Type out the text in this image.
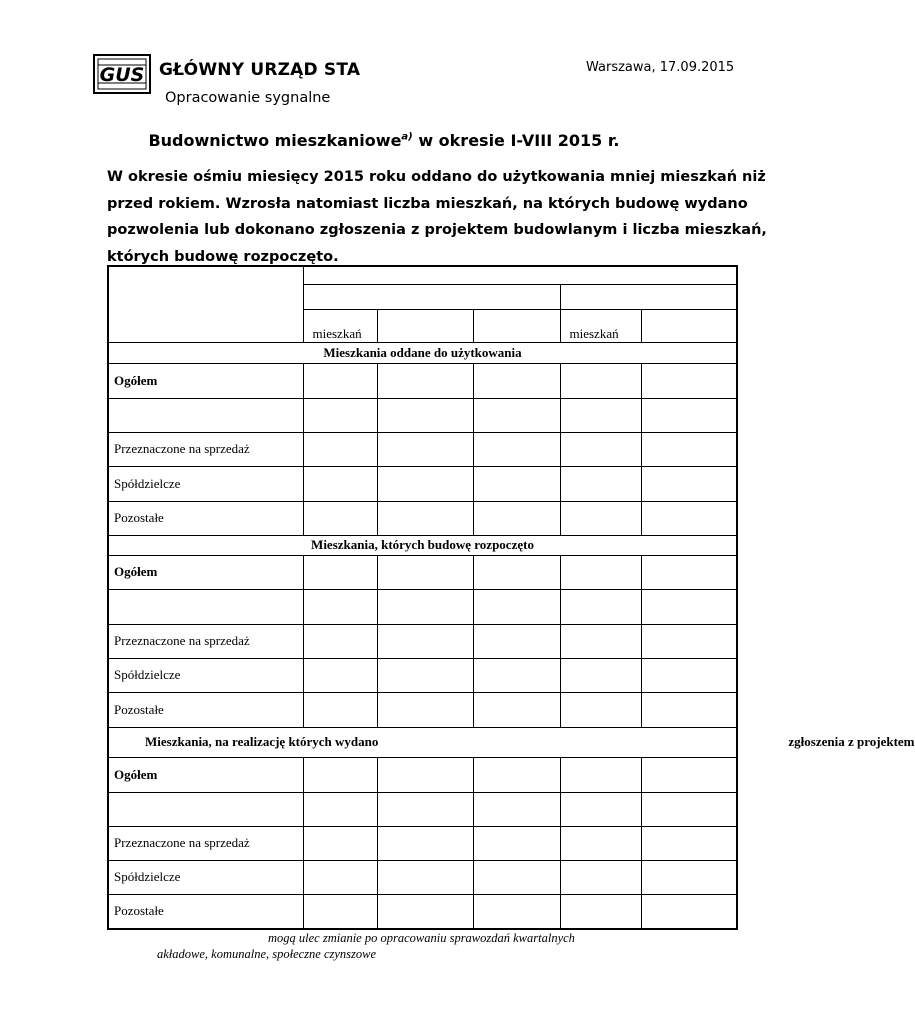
GUS GŁÓWNY URZĄD STA
Opracowanie sygnalne
Warszawa, 17.09.2015
Budownictwo mieszkaniowe$^{a)}$ w okresie I-VIII 2015 r.
W okresie ośmiu miesięcy 2015 roku oddano do użytkowania mniej mieszkań niż
przed rokiem. Wzrosła natomiast liczba mieszkań, na których budowę wydano
pozwolenia lub dokonano zgłoszenia z projektem budowlanym i liczba mieszkań,
których budowę rozpoczęto.

	mieszkań			mieszkań	
Mieszkania oddane do użytkowania					
Ogółem					

Przeznaczone na sprzedaż					
Spółdzielcze					
Pozostałe					
Mieszkania, których budowę rozpoczęto					
Ogółem					

Przeznaczone na sprzedaż					
Spółdzielcze					
Pozostałe					
Mieszkania, na realizację których wydano zgłoszenia z projektem					
Ogółem					

Przeznaczone na sprzedaż					
Spółdzielcze					
Pozostałe					
mogą ulec zmianie po opracowaniu sprawozdań kwartalnych
akładowe, komunalne, społeczne czynszowe
